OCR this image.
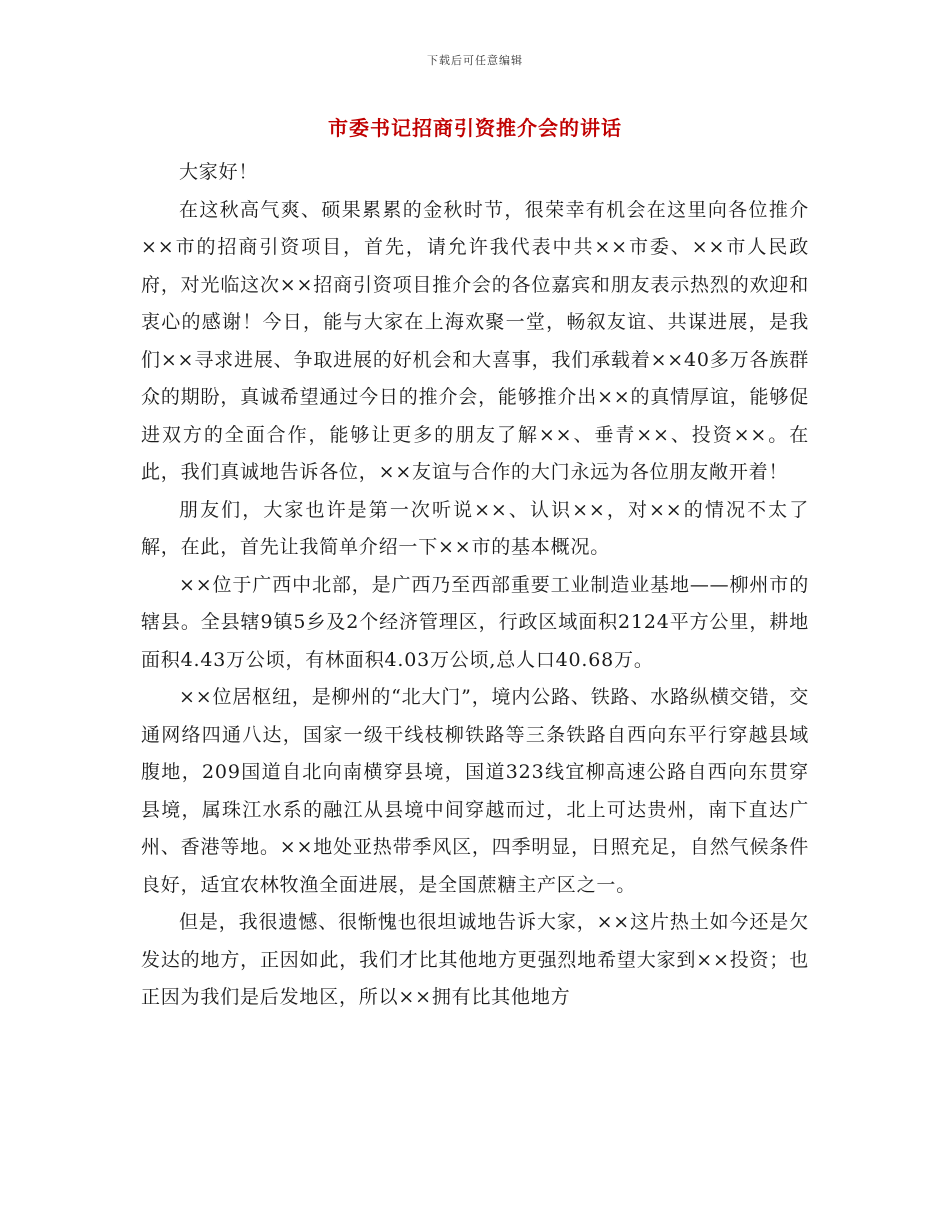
下载后可任意编辑
市委书记招商引资推介会的讲话

大家好！

在这秋高气爽、硕果累累的金秋时节，很荣幸有机会在这里向各位推介××市的招商引资项目，首先，请允许我代表中共××市委、××市人民政府，对光临这次××招商引资项目推介会的各位嘉宾和朋友表示热烈的欢迎和衷心的感谢！今日，能与大家在上海欢聚一堂，畅叙友谊、共谋进展，是我们××寻求进展、争取进展的好机会和大喜事，我们承载着××40多万各族群众的期盼，真诚希望通过今日的推介会，能够推介出××的真情厚谊，能够促进双方的全面合作，能够让更多的朋友了解××、垂青××、投资××。在此，我们真诚地告诉各位，××友谊与合作的大门永远为各位朋友敞开着！

朋友们，大家也许是第一次听说××、认识××，对××的情况不太了解，在此，首先让我简单介绍一下××市的基本概况。

××位于广西中北部，是广西乃至西部重要工业制造业基地——柳州市的辖县。全县辖9镇5乡及2个经济管理区，行政区域面积2124平方公里，耕地面积4.43万公顷，有林面积4.03万公顷,总人口40.68万。

××位居枢纽，是柳州的“北大门”，境内公路、铁路、水路纵横交错，交通网络四通八达，国家一级干线枝柳铁路等三条铁路自西向东平行穿越县域腹地，209国道自北向南横穿县境，国道323线宜柳高速公路自西向东贯穿县境，属珠江水系的融江从县境中间穿越而过，北上可达贵州，南下直达广州、香港等地。××地处亚热带季风区，四季明显，日照充足，自然气候条件良好，适宜农林牧渔全面进展，是全国蔗糖主产区之一。

但是，我很遗憾、很惭愧也很坦诚地告诉大家，××这片热土如今还是欠发达的地方，正因如此，我们才比其他地方更强烈地希望大家到××投资；也正因为我们是后发地区，所以××拥有比其他地方
